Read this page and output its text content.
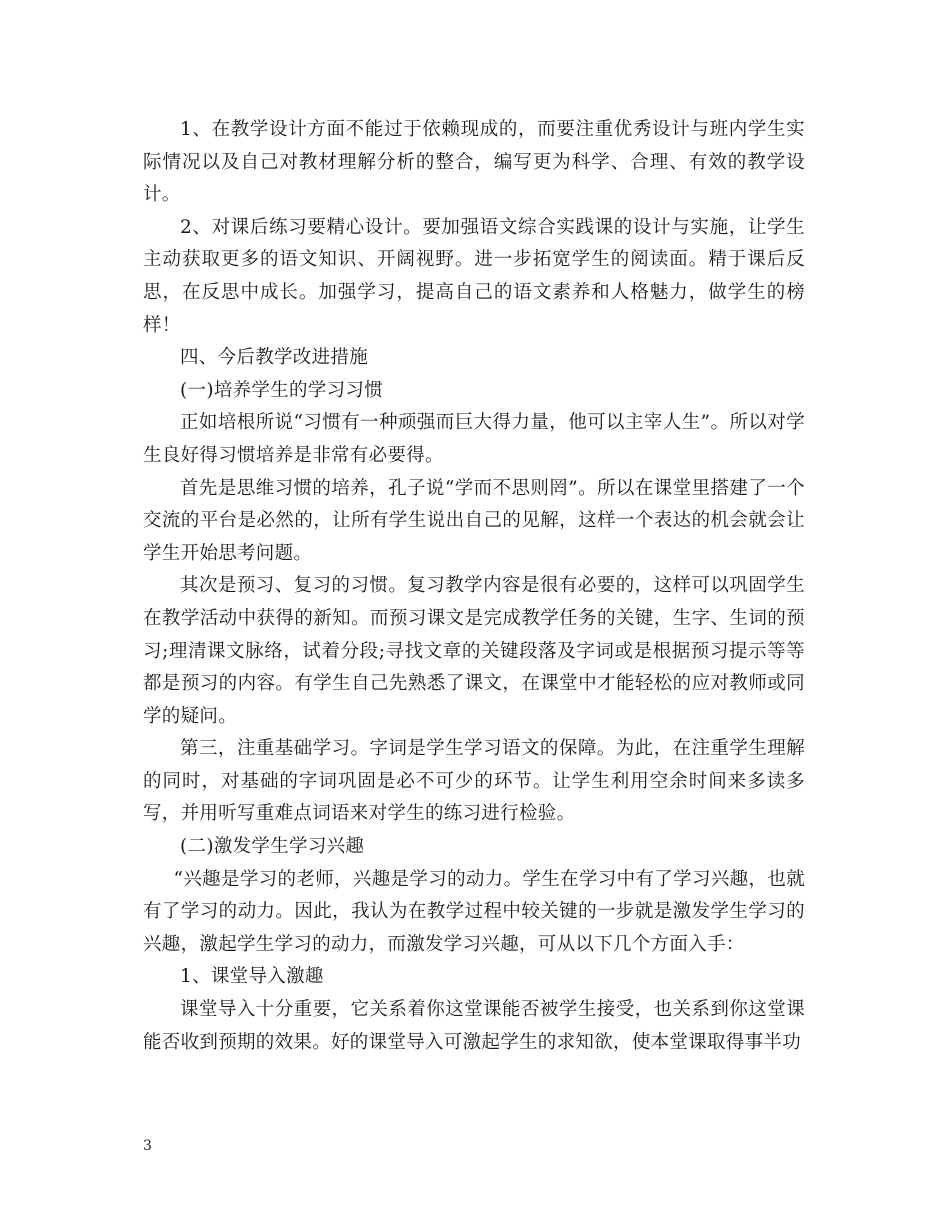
1、在教学设计方面不能过于依赖现成的，而要注重优秀设计与班内学生实际情况以及自己对教材理解分析的整合，编写更为科学、合理、有效的教学设计。

2、对课后练习要精心设计。要加强语文综合实践课的设计与实施，让学生主动获取更多的语文知识、开阔视野。进一步拓宽学生的阅读面。精于课后反思，在反思中成长。加强学习，提高自己的语文素养和人格魅力，做学生的榜样！

四、今后教学改进措施

(一)培养学生的学习习惯

正如培根所说“习惯有一种顽强而巨大得力量，他可以主宰人生”。所以对学生良好得习惯培养是非常有必要得。

首先是思维习惯的培养，孔子说“学而不思则罔”。所以在课堂里搭建了一个交流的平台是必然的，让所有学生说出自己的见解，这样一个表达的机会就会让学生开始思考问题。

其次是预习、复习的习惯。复习教学内容是很有必要的，这样可以巩固学生在教学活动中获得的新知。而预习课文是完成教学任务的关键，生字、生词的预习;理清课文脉络，试着分段;寻找文章的关键段落及字词或是根据预习提示等等都是预习的内容。有学生自己先熟悉了课文，在课堂中才能轻松的应对教师或同学的疑问。

第三，注重基础学习。字词是学生学习语文的保障。为此，在注重学生理解的同时，对基础的字词巩固是必不可少的环节。让学生利用空余时间来多读多写，并用听写重难点词语来对学生的练习进行检验。

(二)激发学生学习兴趣

“兴趣是学习的老师，兴趣是学习的动力。学生在学习中有了学习兴趣，也就有了学习的动力。因此，我认为在教学过程中较关键的一步就是激发学生学习的兴趣，激起学生学习的动力，而激发学习兴趣，可从以下几个方面入手：

1、课堂导入激趣

课堂导入十分重要，它关系着你这堂课能否被学生接受，也关系到你这堂课能否收到预期的效果。好的课堂导入可激起学生的求知欲，使本堂课取得事半功

3
